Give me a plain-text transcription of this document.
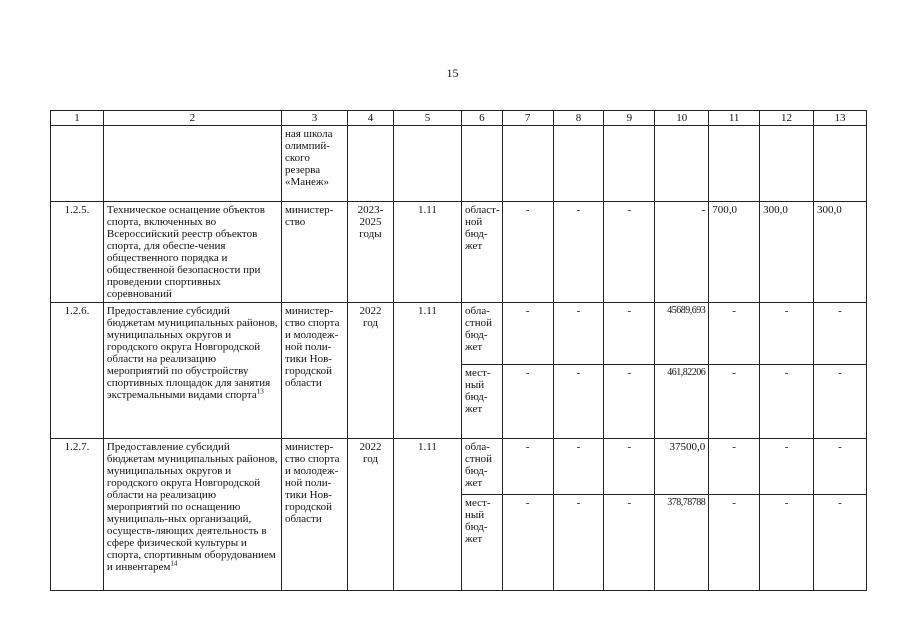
15
1	2	3	4	5	6	7	8	9	10	11	12	13
		ная школа олимпий-ского резерва «Манеж»										
1.2.5.	Техническое оснащение объектов спорта, включенных во Всероссийский реестр объектов спорта, для обеспе-чения общественного порядка и общественной безопасности при проведении спортивных соревнований	министер-ство	2023-2025 годы	1.11	област-ной бюд-жет	-	-	-	-	700,0	300,0	300,0
1.2.6.	Предоставление субсидий бюджетам муниципальных районов, муниципальных округов и городского округа Новгородской области на реализацию мероприятий по обустройству спортивных площадок для занятия экстремальными видами спорта$^{13}$	министер-ство спорта и молодеж-ной поли-тики Нов-городской области	2022 год	1.11	обла-стной бюд-жет	-	-	-	45689,693	-	-	-
					мест-ный бюд-жет	-	-	-	461,82206	-	-	-
1.2.7.	Предоставление субсидий бюджетам муниципальных районов, муниципальных округов и городского округа Новгородской области на реализацию мероприятий по оснащению муниципаль-ных организаций, осуществ-ляющих деятельность в сфере физической культуры и спорта, спортивным оборудованием и инвентарем$^{14}$	министер-ство спорта и молодеж-ной поли-тики Нов-городской области	2022 год	1.11	обла-стной бюд-жет	-	-	-	37500,0	-	-	-
					мест-ный бюд-жет	-	-	-	378,78788	-	-	-
